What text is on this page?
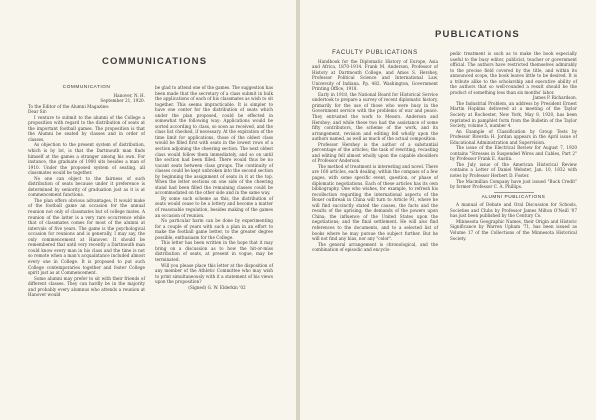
COMMUNICATIONS
COMMUNICATION

Hanover, N. H.

September 21, 1920.

To the Editor of the Alumni Magazine:

Dear Sir:

I venture to submit to the alumni of the College a proposition with regard to the distribution of seats at the important football games. The proposition is that the Alumni be seated by classes and in order of classes.

As objection to the present system of distribution, which is by lot, is that the Dartmouth man finds himself at the games a stranger among his own. For instance, the graduate of 1900 sits besides a man of 1910. Under the proposed system of seating, all classmates would be together.

No one can object to the fairness of such distribution of seats because under it preference is determined by seniority of graduation just as it is at commencement functions.

The plan offers obvious advantages. It would make of the football game an occasion for the annual reunion not only of classmates but of college mates. A reunion of the latter is a very rare occurrence while that of classmates comes for most of the alumni at intervals of five years. The game is the psychological occasion for reunions and is generally, I may say, the only commencement at Hanover. It should be remembered that until very recently a Dartmouth man could know every man in his class and the time is not so remote when a man's acquaintance included almost every one in College. It is proposed to put such College contemporaries together and foster College spirit just as at Commencement.

Some alumni may prefer to sit with their friends of different classes. They can hardly be in the majority and probably every alumnus who attends a reunion at Hanover would

be glad to attend one of the games. The suggestion has been made that the secretary of a class submit in bulk the applications of each of his classmates as wish to sit together. This seems impracticable. It is simpler to have one center for the distribution of seats which under the plan proposed, could be effected in somewhat the following way: Applications would be sorted according to class, so soon as received, and the class list checked, if necessary. At the expiration of the time limit for applications, those of the oldest class would be filled first with seats in the lowest rows of a section adjoining the cheering section. The next oldest class would follow them immediately, and so on until the section had been filled. There would thus be no vacant seats between class groups. The continuity of classes could be kept unbroken into the second section by beginning the assignment of seats in it at the top. When the letter sections on one side of the cheering stand had been filled the remaining classes could be accommodated on the other side and in the same way.

By some such scheme as this, the distribution of seats would cease to be a lottery and become a matter of reasonable regulation, besides making of the games an occasion of reunion.

No particular harm can be done by experimenting for a couple of years with such a plan in an effort to make the football game better, to the greater degree possible, enthusiasm for the College.

This letter has been written in the hope that it may bring on a discussion as to how the hit-or-miss distribution of seats, at present in vogue, may be terminated.

Will you please place this letter at the disposition of any member of the Athletic Committee who may wish to print simultaneously with it a statement of his views upon the proposition?

(Signed) G. W. Elderkin '02

PUBLICATIONS
FACULTY PUBLICATIONS

Handbook for the Diplomatic History of Europe, Asia and Africa, 1870-1914. Frank M. Anderson, Professor of History at Dartmouth College, and Amos S. Hershey, Professor Political Science and International Law, University of Indiana. Pp. 482. Washington, Government Printing Office, 1918.

Early in 1918, the National Board for Historical Service undertook to prepare a survey of recent diplomatic history, primarily for the use of those who were busy in the Government service with the problems of war and peace. They entrusted the work to Messrs. Anderson and Hershey; and while these two had the assistance of some fifty contributors, the scheme of the work, and its arrangement, revision and editing fell wholly upon the authors named, as well as much of the actual composition.

Professor Hershey is the author of a substantial percentage of the articles; the task of rewriting, recasting and editing fell almost wholly upon the capable shoulders of Professor Anderson.

The method of treatment is interesting and novel. There are 160 articles, each dealing, within the compass of a few pages, with some specific event, question, or phase of diplomatic negotiations. Each of these articles has its own bibliography. One who wishes, for example, to refresh his recollection regarding the international aspects of the Boxer outbreak in China will turn to Article 91, where he will find succinctly stated the causes, the facts and the results of the uprising; the demands of the powers upon China; the influence of the United States upon the negotiations; and the final settlement. He will also find references to the documents, and to a selected list of books where he may pursue the subject further. But he will not find any bias, nor any "color".

The general arrangement is chronological, and the combination of episodic and encyclo-

pedic treatment is such as to make the book especially useful to the busy editor, publicist, teacher or government official. The authors have restricted themselves admirably to the precise field covered by the title, and within its announced scope, the book leaves little to be desired. It is a tribute alike to the scholarship and executive ability of the authors that so well-rounded a result should be the product of something less than six months' labor.

James P. Richardson.

The Industrial Problem, an address by President Ernest Martin Hopkins delivered at a meeting of the Taylor Society at Rochester, New York, May 8, 1920, has been reprinted in pamphlet form from the Bulletin of the Taylor Society, volume 5, number 4.

An Example of Classification by Group Tests by Professor Riverda H. Jordan appears in the April issue of Educational Administration and Supervision.

The issue of the Electrical Review for August 7, 1920 contains "Stresses in Suspended Wires and Cables, Part 2" by Professor Frank E. Austin.

The July issue of the American Historical Review contains a Letter of Daniel Webster, Jan. 10, 1832 with notes by Professor Herbert D. Foster.

The Macmillan Company have just issued "Buck Credit" by former Professor C. A. Phillips.

ALUMNI PUBLICATIONS

A manual of Debate and Oral Discussion for Schools, Societies and Clubs by Professor James Milton O'Neill '07 has just been published by the Century Co.

Minnesota Geographic Names, their Origin and Historic Significance by Warren Upham '71, has been issued as Volume 17 of the Collections of the Minnesota Historical Society.
